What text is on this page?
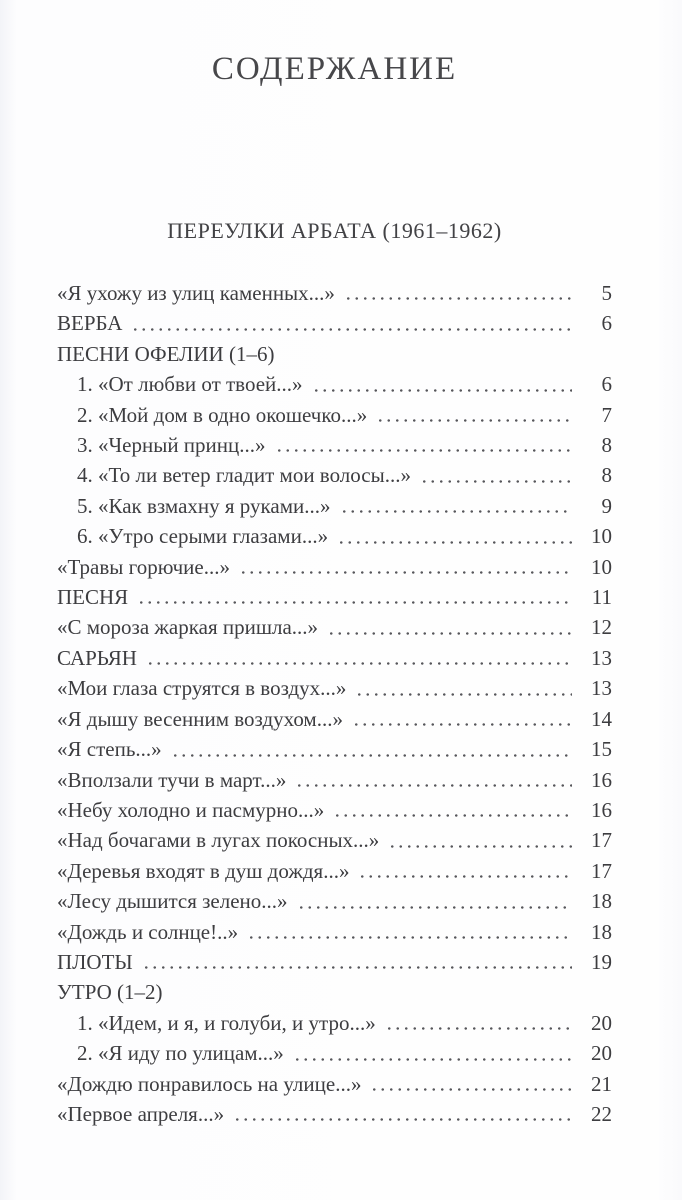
СОДЕРЖАНИЕ
ПЕРЕУЛКИ АРБАТА (1961–1962)
«Я ухожу из улиц каменных...»	5
ВЕРБА	6
ПЕСНИ ОФЕЛИИ (1–6)
1. «От любви от твоей...»	6
2. «Мой дом в одно окошечко...»	7
3. «Черный принц...»	8
4. «То ли ветер гладит мои волосы...»	8
5. «Как взмахну я руками...»	9
6. «Утро серыми глазами...»	10
«Травы горючие...»	10
ПЕСНЯ	11
«С мороза жаркая пришла...»	12
САРЬЯН	13
«Мои глаза струятся в воздух...»	13
«Я дышу весенним воздухом...»	14
«Я степь...»	15
«Вползали тучи в март...»	16
«Небу холодно и пасмурно...»	16
«Над бочагами в лугах покосных...»	17
«Деревья входят в душ дождя...»	17
«Лесу дышится зелено...»	18
«Дождь и солнце!..»	18
ПЛОТЫ	19
УТРО (1–2)
1. «Идем, и я, и голуби, и утро...»	20
2. «Я иду по улицам...»	20
«Дождю понравилось на улице...»	21
«Первое апреля...»	22
